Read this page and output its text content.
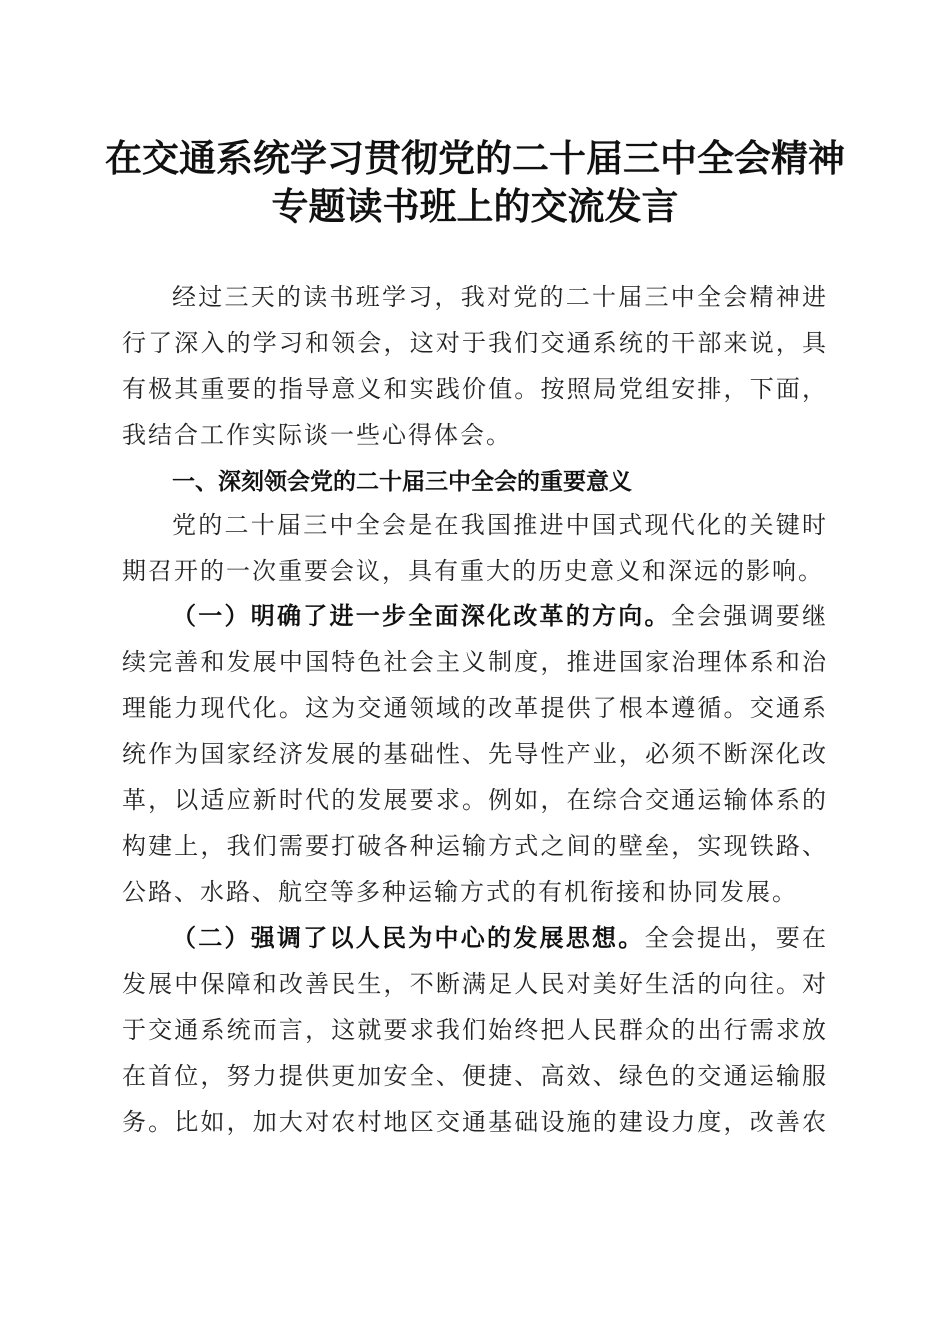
在交通系统学习贯彻党的二十届三中全会精神
专题读书班上的交流发言
经过三天的读书班学习，我对党的二十届三中全会精神进
行了深入的学习和领会，这对于我们交通系统的干部来说，具
有极其重要的指导意义和实践价值。按照局党组安排，下面，
我结合工作实际谈一些心得体会。
一、深刻领会党的二十届三中全会的重要意义
党的二十届三中全会是在我国推进中国式现代化的关键时
期召开的一次重要会议，具有重大的历史意义和深远的影响。
（一）明确了进一步全面深化改革的方向。全会强调要继
续完善和发展中国特色社会主义制度，推进国家治理体系和治
理能力现代化。这为交通领域的改革提供了根本遵循。交通系
统作为国家经济发展的基础性、先导性产业，必须不断深化改
革，以适应新时代的发展要求。例如，在综合交通运输体系的
构建上，我们需要打破各种运输方式之间的壁垒，实现铁路、
公路、水路、航空等多种运输方式的有机衔接和协同发展。
（二）强调了以人民为中心的发展思想。全会提出，要在
发展中保障和改善民生，不断满足人民对美好生活的向往。对
于交通系统而言，这就要求我们始终把人民群众的出行需求放
在首位，努力提供更加安全、便捷、高效、绿色的交通运输服
务。比如，加大对农村地区交通基础设施的建设力度，改善农
